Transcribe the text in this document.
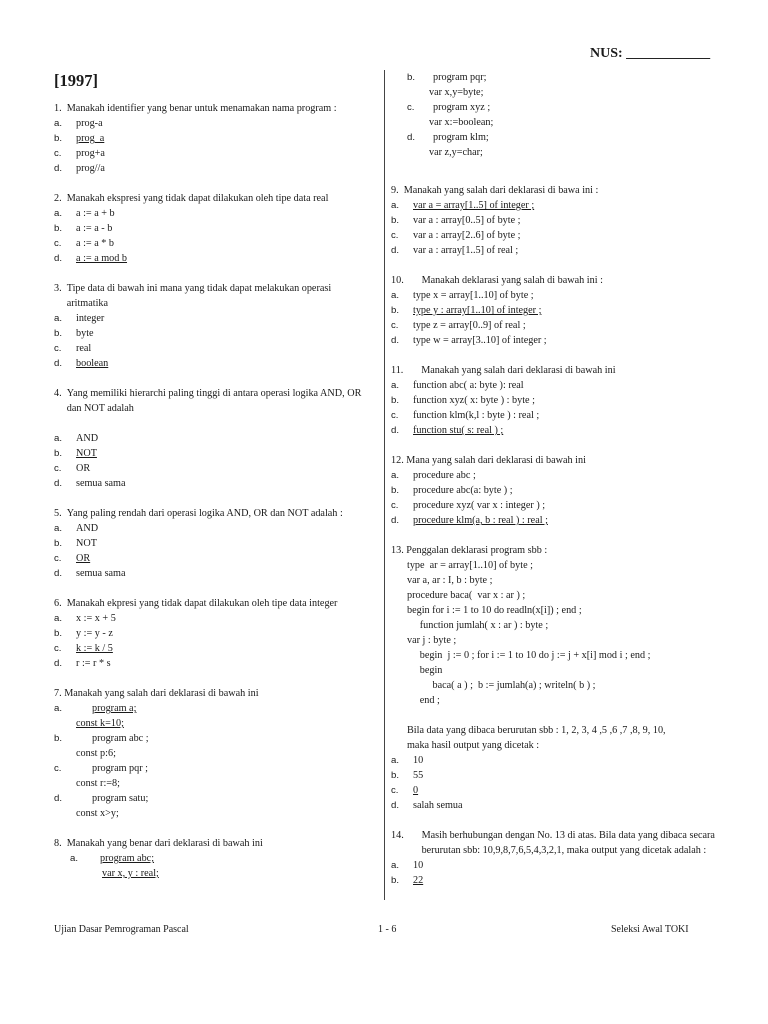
NUS: ____________
[1997]
1. Manakah identifier yang benar untuk menamakan nama program :
a.	prog-a
b.	prog_a
c.	prog+a
d.	prog//a
2. Manakah ekspresi yang tidak dapat dilakukan oleh tipe data real
a.	a := a + b
b.	a := a - b
c.	a := a * b
d.	a := a mod b
3. Tipe data di bawah ini mana yang tidak dapat melakukan operasi aritmatika
a.	integer
b.	byte
c.	real
d.	boolean
4. Yang memiliki hierarchi paling tinggi di antara operasi logika AND, OR dan NOT adalah
a.	AND
b.	NOT
c.	OR
d.	semua sama
5. Yang paling rendah dari operasi logika AND, OR dan NOT adalah :
a.	AND
b.	NOT
c.	OR
d.	semua sama
6. Manakah ekpresi yang tidak dapat dilakukan oleh tipe data integer
a.	x := x + 5
b.	y := y - z
c.	k := k / 5
d.	r := r * s
7. Manakah yang salah dari deklarasi di bawah ini
a.	program a;
const k=10;
b.	program abc ;
const p:6;
c.	program pqr ;
const r:=8;
d.	program satu;
const x>y;
8. Manakah yang benar dari deklarasi di bawah ini
a.	program abc;
var x, y : real;
b.	program pqr;
var x,y=byte;
c.	program xyz ;
var x:=boolean;
d.	program klm;
var z,y=char;
9. Manakah yang salah dari deklarasi di bawa ini :
a.	var a = array[1..5] of integer ;
b.	var a : array[0..5] of byte ;
c.	var a : array[2..6] of byte ;
d.	var a : array[1..5] of real ;
10. Manakah deklarasi yang salah di bawah ini :
a.	type x = array[1..10] of byte ;
b.	type y : array[1..10] of integer ;
c.	type z = array[0..9] of real ;
d.	type w = array[3..10] of integer ;
11. Manakah yang salah dari deklarasi di bawah ini
a.	function abc( a: byte ): real
b.	function xyz( x: byte ) : byte ;
c.	function klm(k,l : byte ) : real ;
d.	function stu( s: real ) ;
12. Mana yang salah dari deklarasi di bawah ini
a.	procedure abc ;
b.	procedure abc(a: byte ) ;
c.	procedure xyz( var x : integer ) ;
d.	procedure klm(a, b : real ) : real ;
13. Penggalan deklarasi program sbb :
type  ar = array[1..10] of byte ;
var a, ar : I, b : byte ;
procedure baca(  var x : ar ) ;
begin for i := 1 to 10 do readln(x[i]) ; end ;
function jumlah( x : ar ) : byte ;
var j : byte ;
begin  j := 0 ; for i := 1 to 10 do j := j + x[i] mod i ; end ;
begin
baca( a ) ;  b := jumlah(a) ; writeln( b ) ;
end ;
Bila data yang dibaca berurutan sbb : 1, 2, 3, 4 ,5 ,6 ,7 ,8, 9, 10,
maka hasil output yang dicetak :
a.	10
b.	55
c.	0
d.	salah semua
14. Masih berhubungan dengan No. 13 di atas. Bila data yang dibaca secara berurutan sbb: 10,9,8,7,6,5,4,3,2,1, maka output yang dicetak adalah :
a.	10
b.	22
Ujian Dasar Pemrograman Pascal	1 - 6	Seleksi Awal TOKI
